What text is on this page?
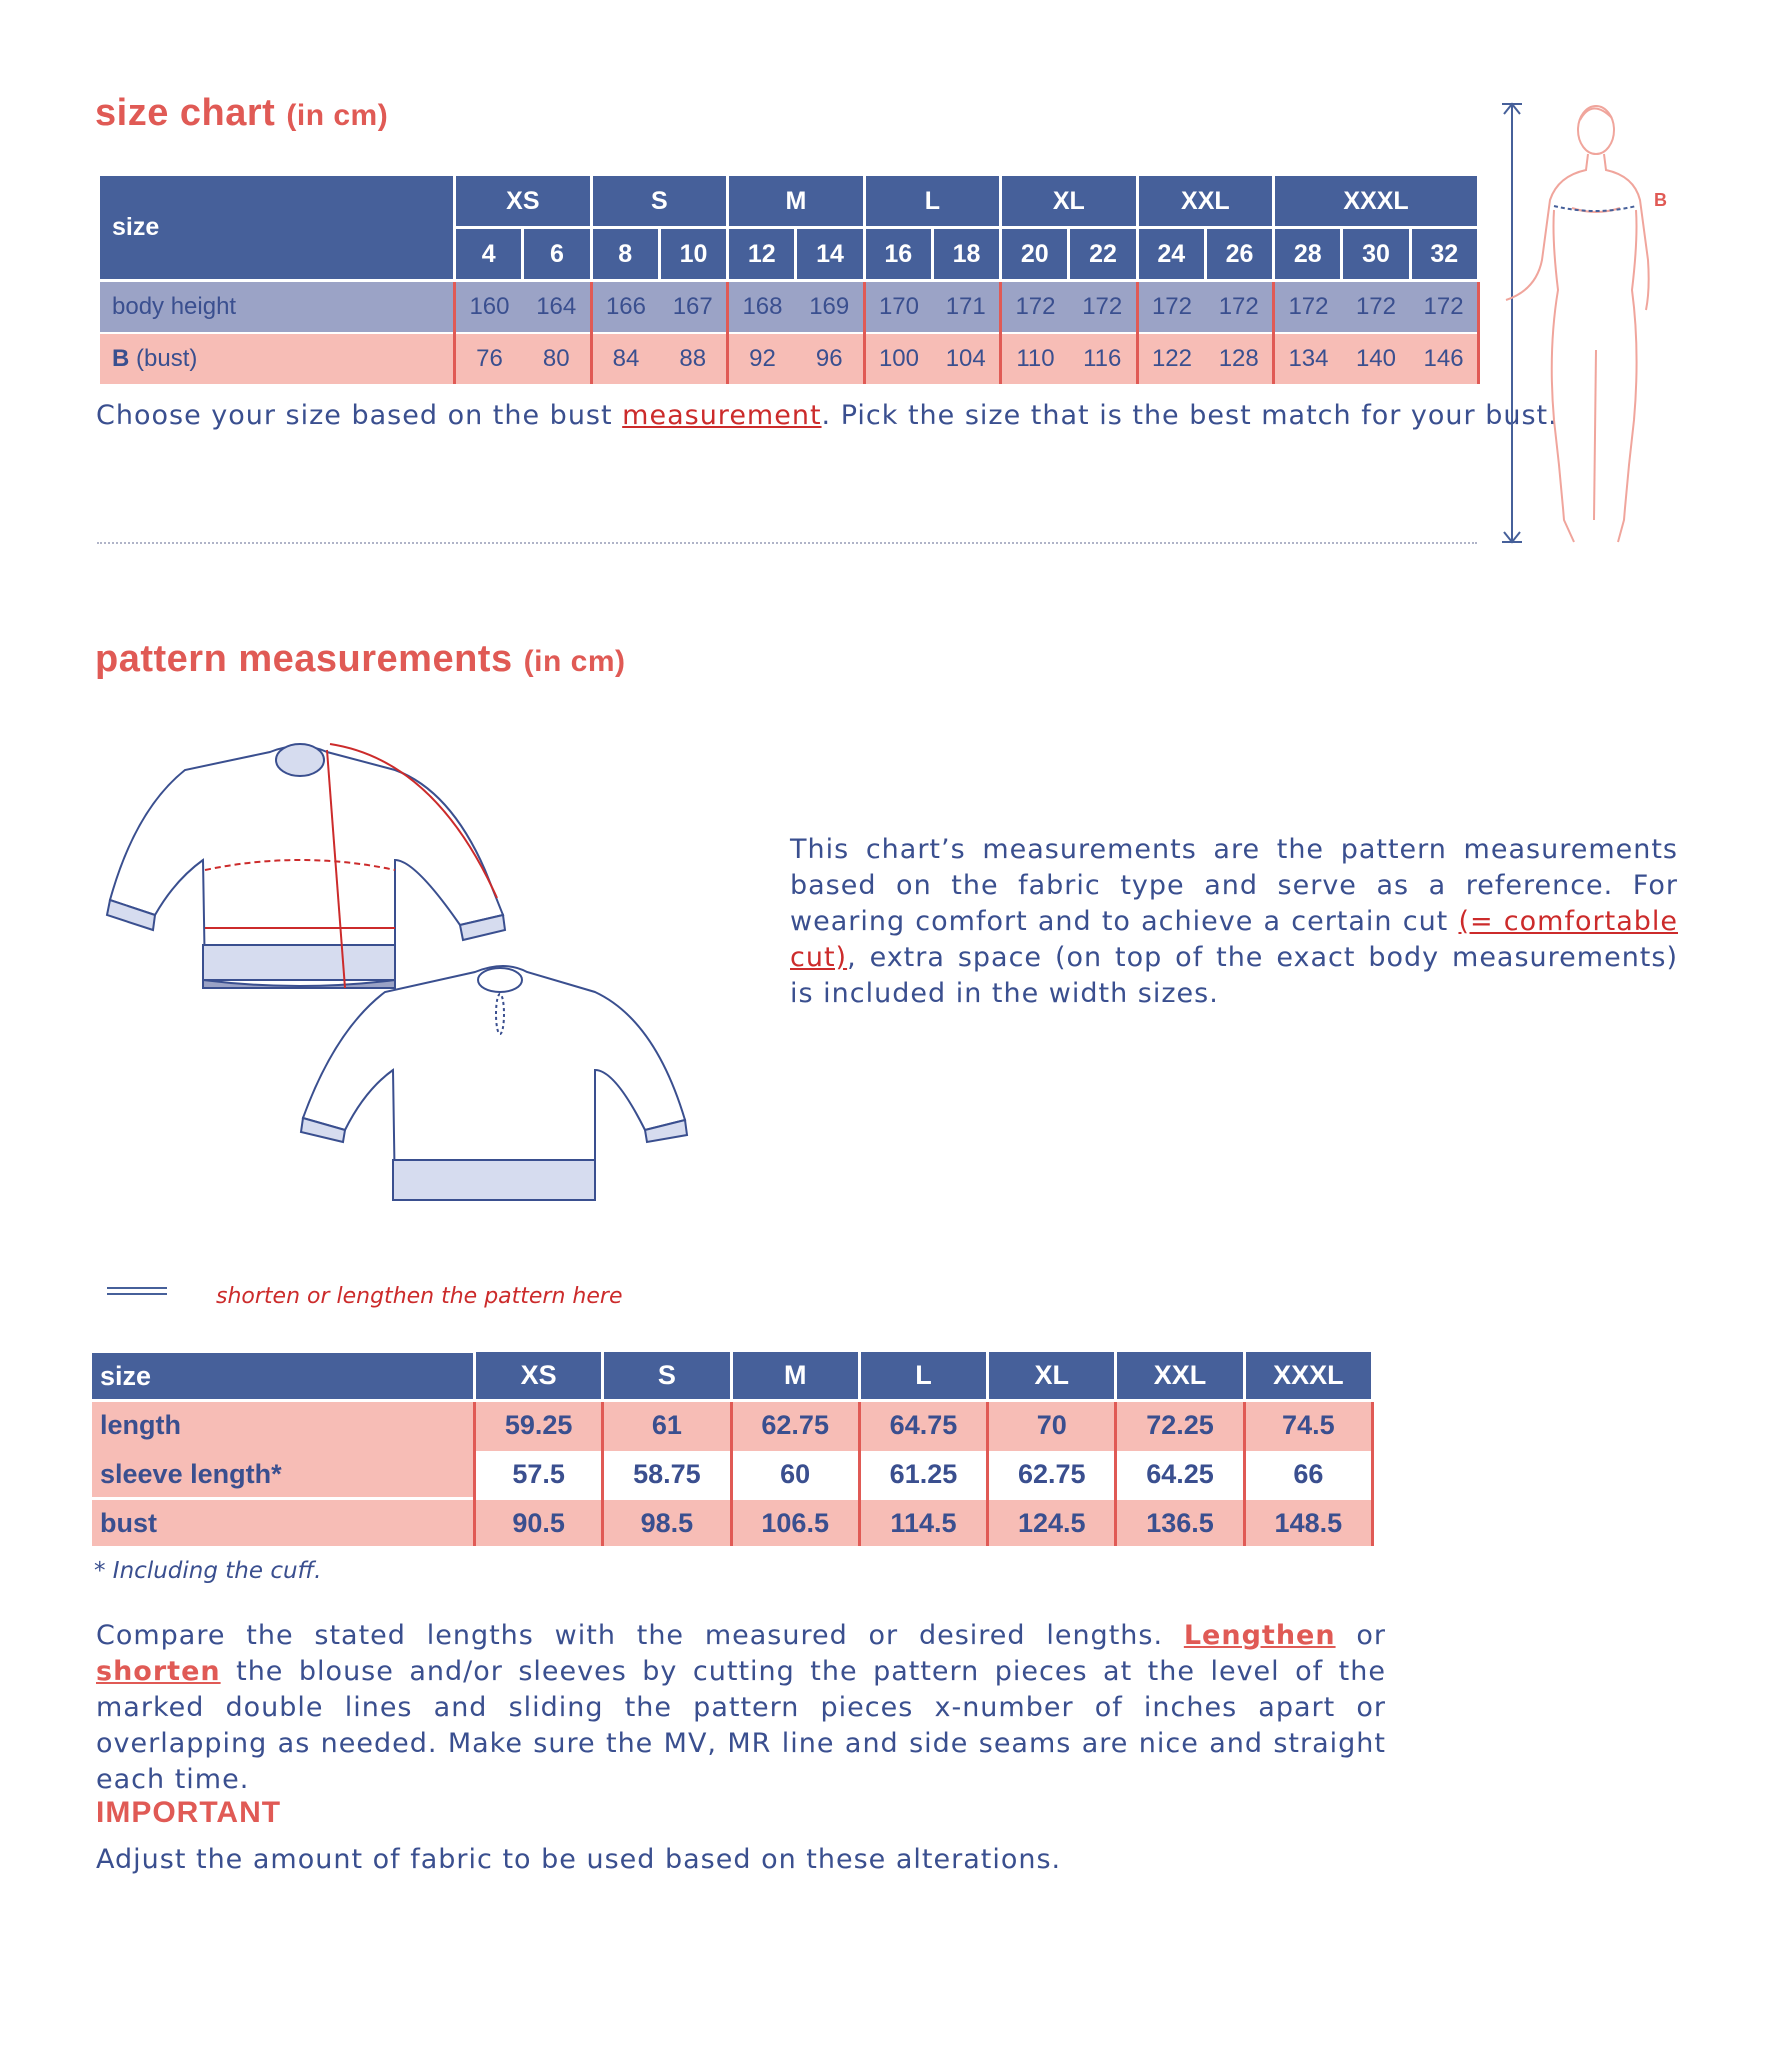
size chart (in cm)
size	XS		S		M		L		XL		XXL		XXXL		
	4	6	8	10	12	14	16	18	20	22	24	26	28	30	32
body height	160	164	166	167	168	169	170	171	172	172	172	172	172	172	172
B (bust)	76	80	84	88	92	96	100	104	110	116	122	128	134	140	146
Choose your size based on the bust measurement. Pick the size that is the best match for your bust.
B
pattern measurements (in cm)
This chart’s measurements are the pattern measurements based on the fabric type and serve as a reference. For wearing comfort and to achieve a certain cut (= comfortable cut), extra space (on top of the exact body measurements) is included in the width sizes.
shorten or lengthen the pattern here
size	XS	S	M	L	XL	XXL	XXXL
length	59.25	61	62.75	64.75	70	72.25	74.5
sleeve length*	57.5	58.75	60	61.25	62.75	64.25	66
bust	90.5	98.5	106.5	114.5	124.5	136.5	148.5
* Including the cuff.
Compare the stated lengths with the measured or desired lengths. Lengthen or shorten the blouse and/or sleeves by cutting the pattern pieces at the level of the marked double lines and sliding the pattern pieces x-number of inches apart or overlapping as needed. Make sure the MV, MR line and side seams are nice and straight each time.
IMPORTANT
Adjust the amount of fabric to be used based on these alterations.
